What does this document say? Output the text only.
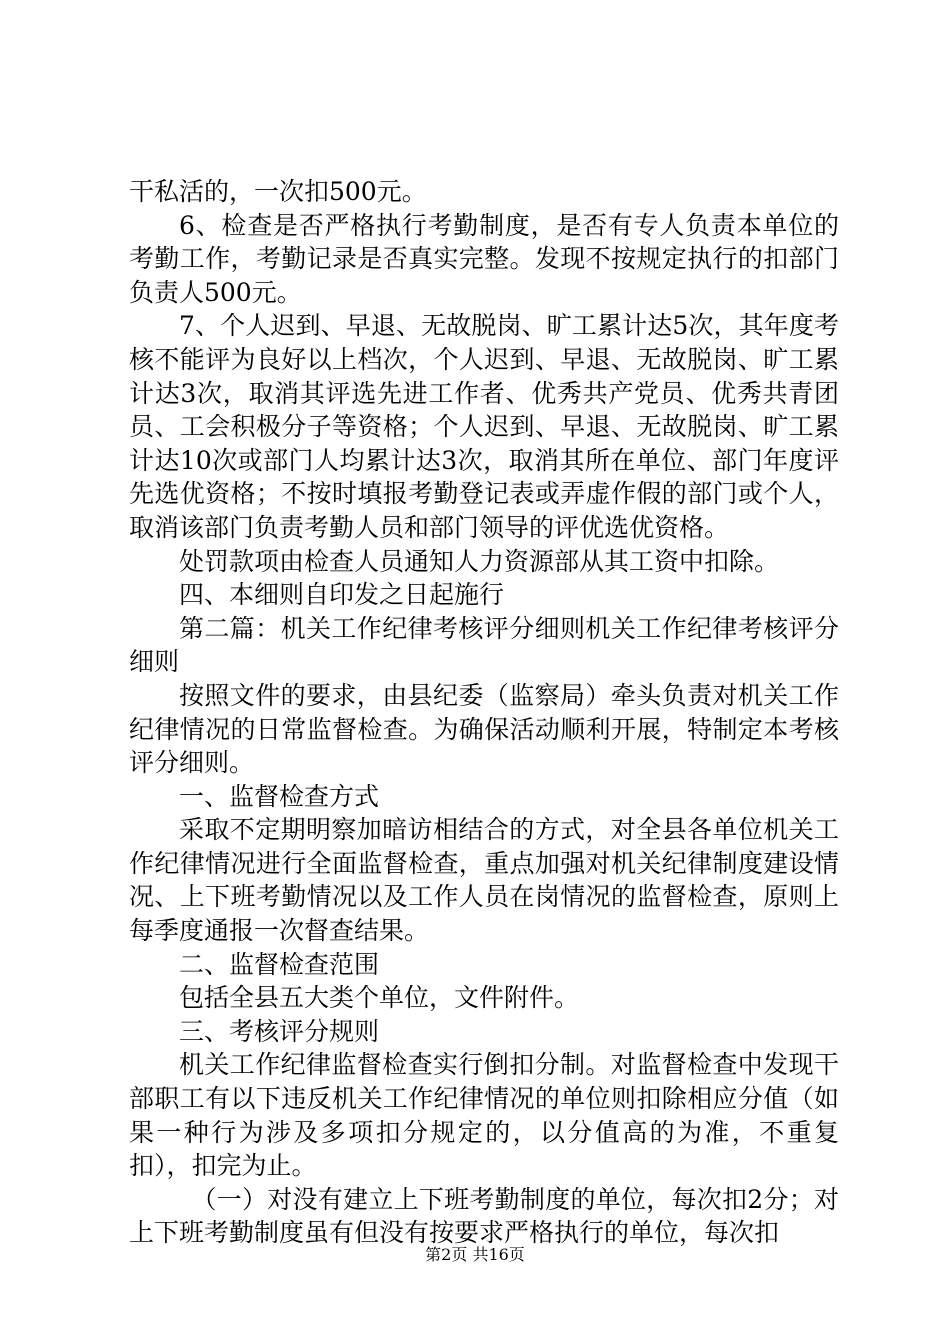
干私活的，一次扣500元。

6、检查是否严格执行考勤制度，是否有专人负责本单位的考勤工作，考勤记录是否真实完整。发现不按规定执行的扣部门负责人500元。

7、个人迟到、早退、无故脱岗、旷工累计达5次，其年度考核不能评为良好以上档次，个人迟到、早退、无故脱岗、旷工累计达3次，取消其评选先进工作者、优秀共产党员、优秀共青团员、工会积极分子等资格；个人迟到、早退、无故脱岗、旷工累计达10次或部门人均累计达3次，取消其所在单位、部门年度评先选优资格；不按时填报考勤登记表或弄虚作假的部门或个人，取消该部门负责考勤人员和部门领导的评优选优资格。

处罚款项由检查人员通知人力资源部从其工资中扣除。

四、本细则自印发之日起施行

第二篇：机关工作纪律考核评分细则机关工作纪律考核评分细则

按照文件的要求，由县纪委（监察局）牵头负责对机关工作纪律情况的日常监督检查。为确保活动顺利开展，特制定本考核评分细则。

一、监督检查方式

采取不定期明察加暗访相结合的方式，对全县各单位机关工作纪律情况进行全面监督检查，重点加强对机关纪律制度建设情况、上下班考勤情况以及工作人员在岗情况的监督检查，原则上每季度通报一次督查结果。

二、监督检查范围

包括全县五大类个单位，文件附件。

三、考核评分规则

机关工作纪律监督检查实行倒扣分制。对监督检查中发现干部职工有以下违反机关工作纪律情况的单位则扣除相应分值（如果一种行为涉及多项扣分规定的，以分值高的为准，不重复扣），扣完为止。

（一）对没有建立上下班考勤制度的单位，每次扣2分；对上下班考勤制度虽有但没有按要求严格执行的单位，每次扣

第2页 共16页
